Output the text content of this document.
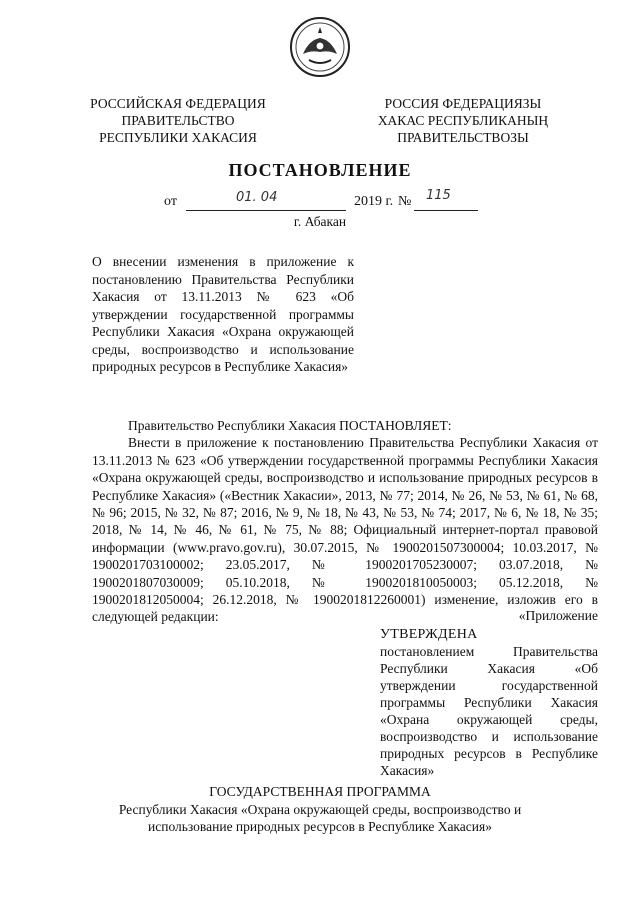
РОССИЙСКАЯ ФЕДЕРАЦИЯ
ПРАВИТЕЛЬСТВО
РЕСПУБЛИКИ ХАКАСИЯ
РОССИЯ ФЕДЕРАЦИЯЗЫ
ХАКАС РЕСПУБЛИКАНЫҢ
ПРАВИТЕЛЬСТВОЗЫ
ПОСТАНОВЛЕНИЕ
от	01. 04	2019 г. № 115
г. Абакан
О внесении изменения в приложение к постановлению Правительства Республики Хакасия от 13.11.2013 № 623 «Об утверждении государственной программы Республики Хакасия «Охрана окружающей среды, воспроизводство и использование природных ресурсов в Республике Хакасия»

Правительство Республики Хакасия ПОСТАНОВЛЯЕТ:

Внести в приложение к постановлению Правительства Республики Хакасия от 13.11.2013 № 623 «Об утверждении государственной программы Республики Хакасия «Охрана окружающей среды, воспроизводство и использование природных ресурсов в Республике Хакасия» («Вестник Хакасии», 2013, № 77; 2014, № 26, № 53, № 61, № 68, № 96; 2015, № 32, № 87; 2016, № 9, № 18, № 43, № 53, № 74; 2017, № 6, № 18, № 35; 2018, № 14, № 46, № 61, № 75, № 88; Официальный интернет-портал правовой информации (www.pravo.gov.ru), 30.07.2015, № 1900201507300004; 10.03.2017, № 1900201703100002; 23.05.2017, № 1900201705230007; 03.07.2018, № 1900201807030009; 05.10.2018, № 1900201810050003; 05.12.2018, № 1900201812050004; 26.12.2018, № 1900201812260001) изменение, изложив его в следующей редакции:	«Приложение
УТВЕРЖДЕНА
постановлением Правительства Республики Хакасия «Об утверждении государственной программы Республики Хакасия «Охрана окружающей среды, воспроизводство и использование природных ресурсов в Республике Хакасия»
ГОСУДАРСТВЕННАЯ ПРОГРАММА
Республики Хакасия «Охрана окружающей среды, воспроизводство и
использование природных ресурсов в Республике Хакасия»
